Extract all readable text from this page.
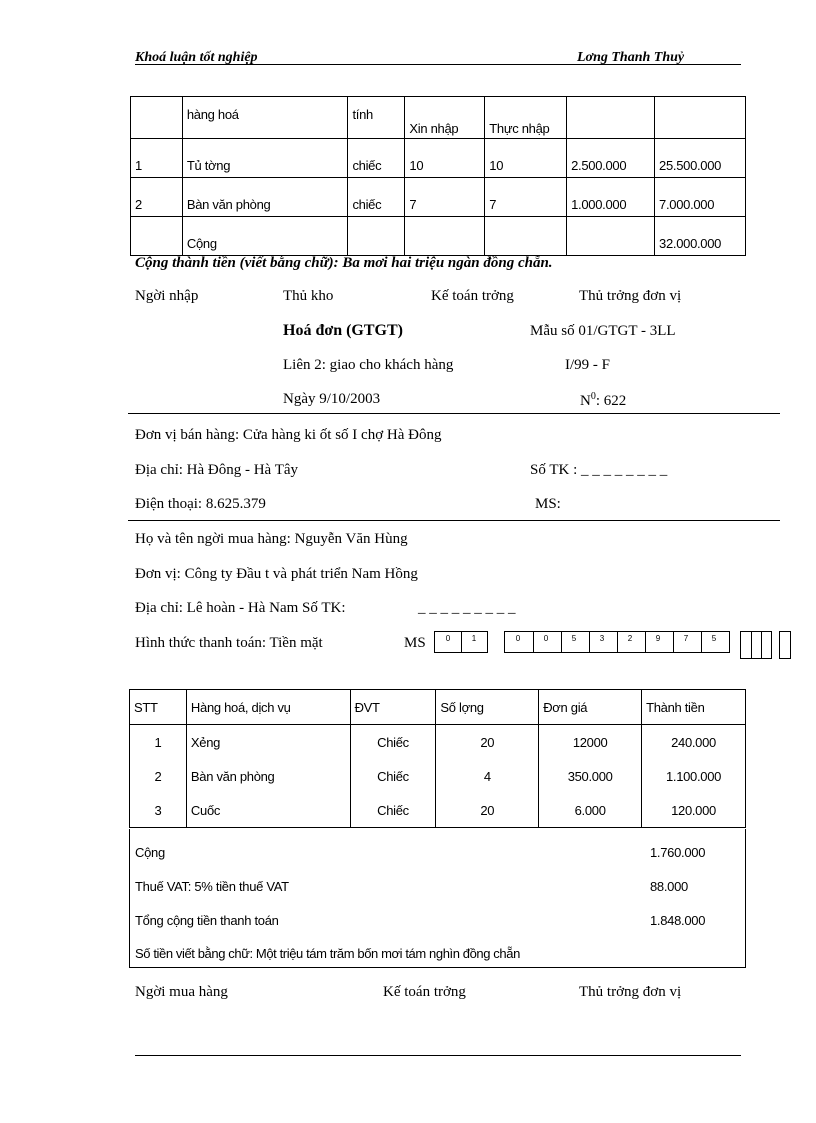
Khoá luận tốt nghiệp	Lơng Thanh Thuỷ
	hàng hoá	tính	Xin nhập	Thực nhập		
1	Tủ tờng	chiếc	10	10	2.500.000	25.500.000
2	Bàn văn phòng	chiếc	7	7	1.000.000	7.000.000
	Cộng					32.000.000
Cộng thành tiền (viết bằng chữ): Ba mơi hai triệu ngàn đồng chẵn.
Ngời nhập	Thủ kho	Kế toán trởng	Thủ trởng đơn vị
Hoá đơn (GTGT)	Mẫu số 01/GTGT - 3LL
Liên 2: giao cho khách hàng	I/99 - F
Ngày 9/10/2003	$N^0$: 622
Đơn vị bán hàng: Cửa hàng ki ốt số I chợ Hà Đông
Địa chỉ: Hà Đông - Hà Tây	Số TK : _ _ _ _ _ _ _ _
Điện thoại: 8.625.379	MS:
Họ và tên ngời mua hàng: Nguyễn Văn Hùng
Đơn vị: Công ty Đầu t và phát triển Nam Hồng
Địa chỉ: Lê hoàn - Hà Nam Số TK:	_ _ _ _ _ _ _ _ _
Hình thức thanh toán: Tiền mặt	MS	0	1	0	0	5	3	2	9	7	5
STT	Hàng hoá, dịch vụ	ĐVT	Số lợng	Đơn giá	Thành tiền
1	Xẻng	Chiếc	20	12000	240.000
2	Bàn văn phòng	Chiếc	4	350.000	1.100.000
3	Cuốc	Chiếc	20	6.000	120.000
Cộng	1.760.000
Thuế VAT: 5% tiền thuế VAT	88.000
Tổng cộng tiền thanh toán	1.848.000
Số tiền viết bằng chữ: Một triệu tám trăm bốn mơi tám nghìn đồng chẵn
Ngời mua hàng	Kế toán trởng	Thủ trởng đơn vị
